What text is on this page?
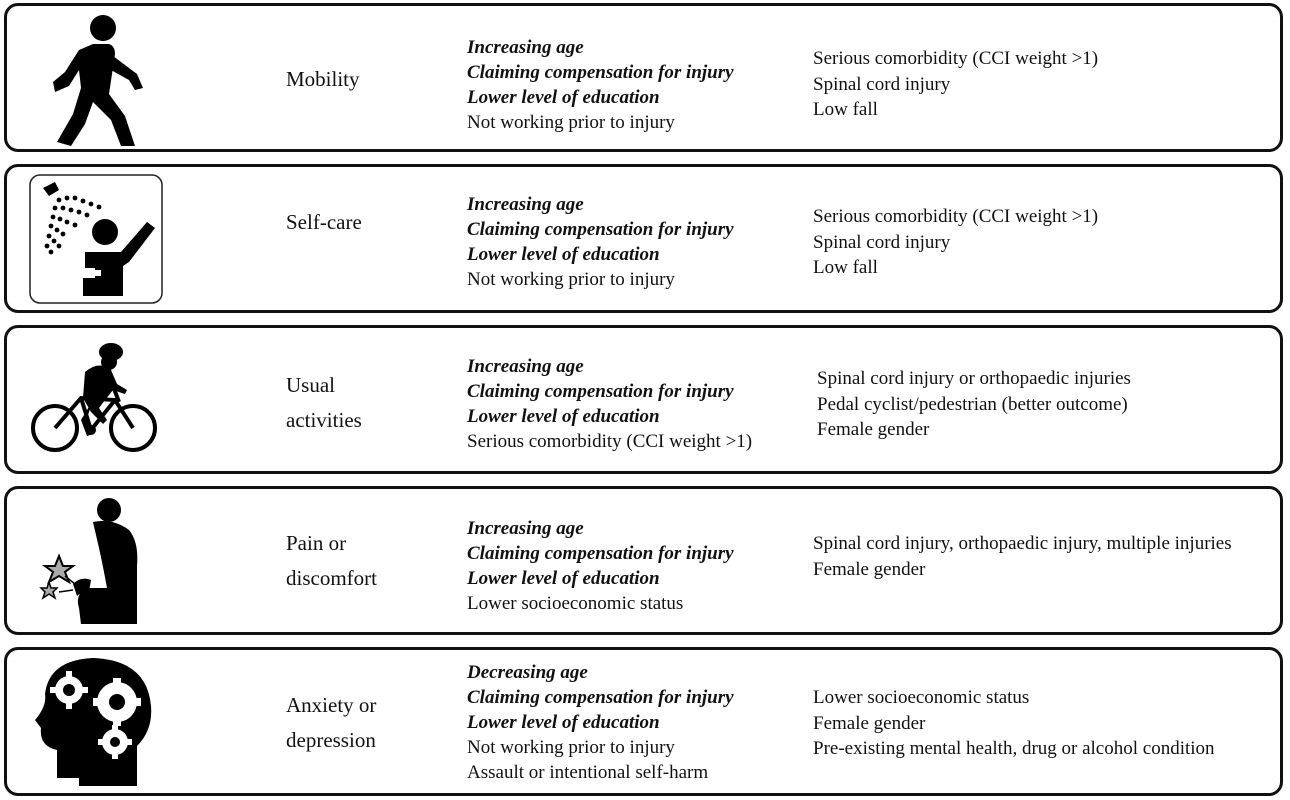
Mobility
Increasing age
Claiming compensation for injury
Lower level of education
Not working prior to injury
Serious comorbidity (CCI weight >1)
Spinal cord injury
Low fall
Self-care
Increasing age
Claiming compensation for injury
Lower level of education
Not working prior to injury
Serious comorbidity (CCI weight >1)
Spinal cord injury
Low fall
Usual
activities
Increasing age
Claiming compensation for injury
Lower level of education
Serious comorbidity (CCI weight >1)
Spinal cord injury or orthopaedic injuries
Pedal cyclist/pedestrian (better outcome)
Female gender
Pain or
discomfort
Increasing age
Claiming compensation for injury
Lower level of education
Lower socioeconomic status
Spinal cord injury, orthopaedic injury, multiple injuries
Female gender
Anxiety or
depression
Decreasing age
Claiming compensation for injury
Lower level of education
Not working prior to injury
Assault or intentional self-harm
Lower socioeconomic status
Female gender
Pre-existing mental health, drug or alcohol condition
